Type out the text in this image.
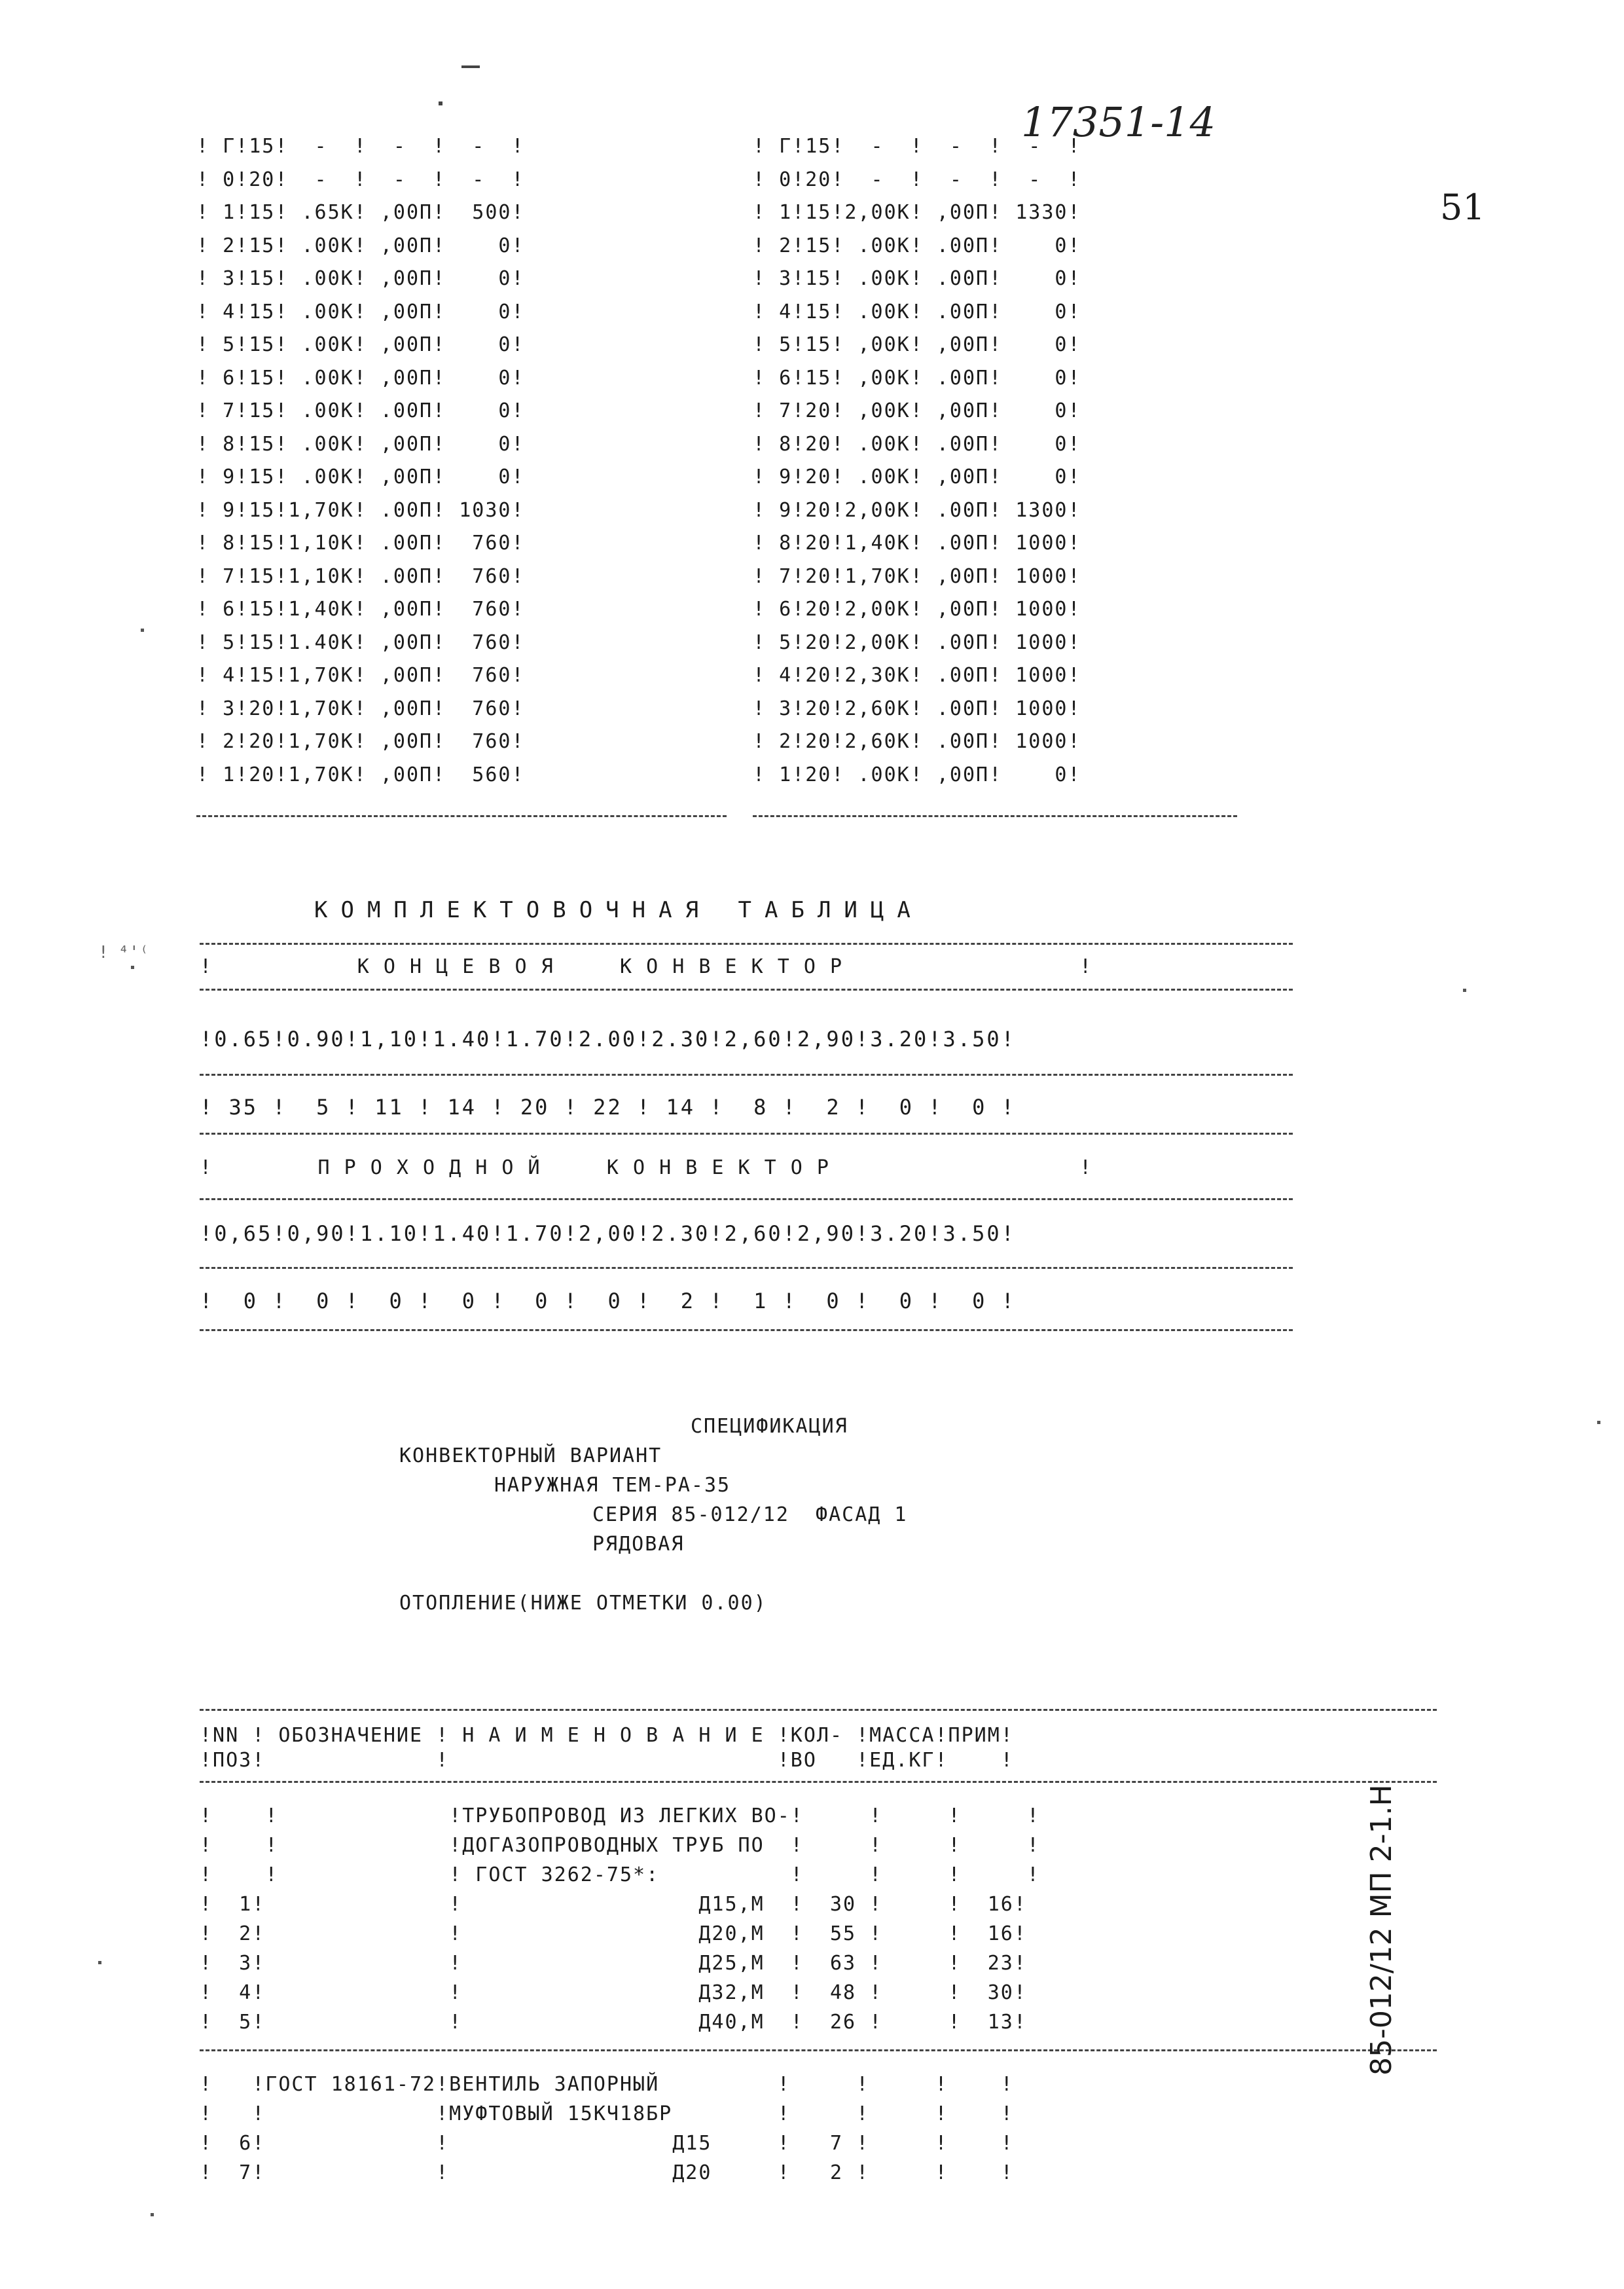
17351-14
51
! Г!15!  -  !  -  !  -  !
! 0!20!  -  !  -  !  -  !
! 1!15! .65К! ,00П!  500!
! 2!15! .00К! ,00П!    0!
! 3!15! .00К! ,00П!    0!
! 4!15! .00К! ,00П!    0!
! 5!15! .00К! ,00П!    0!
! 6!15! .00К! ,00П!    0!
! 7!15! .00К! .00П!    0!
! 8!15! .00К! ,00П!    0!
! 9!15! .00К! ,00П!    0!
! 9!15!1,70К! .00П! 1030!
! 8!15!1,10К! .00П!  760!
! 7!15!1,10К! .00П!  760!
! 6!15!1,40К! ,00П!  760!
! 5!15!1.40К! ,00П!  760!
! 4!15!1,70К! ,00П!  760!
! 3!20!1,70К! ,00П!  760!
! 2!20!1,70К! ,00П!  760!
! 1!20!1,70К! ,00П!  560!
! Г!15!  -  !  -  !  -  !
! 0!20!  -  !  -  !  -  !
! 1!15!2,00К! ,00П! 1330!
! 2!15! .00К! .00П!    0!
! 3!15! .00К! .00П!    0!
! 4!15! .00К! .00П!    0!
! 5!15! ,00К! ,00П!    0!
! 6!15! ,00К! .00П!    0!
! 7!20! ,00К! ,00П!    0!
! 8!20! .00К! .00П!    0!
! 9!20! .00К! ,00П!    0!
! 9!20!2,00К! .00П! 1300!
! 8!20!1,40К! .00П! 1000!
! 7!20!1,70К! ,00П! 1000!
! 6!20!2,00К! ,00П! 1000!
! 5!20!2,00К! .00П! 1000!
! 4!20!2,30К! .00П! 1000!
! 3!20!2,60К! .00П! 1000!
! 2!20!2,60К! .00П! 1000!
! 1!20! .00К! ,00П!    0!
КОМПЛЕКТОВОЧНАЯ ТАБЛИЦА
! ⁴'⁽
!           К О Н Ц Е В О Я     К О Н В Е К Т О Р                  !
!0.65!0.90!1,10!1.40!1.70!2.00!2.30!2,60!2,90!3.20!3.50!
! 35 !  5 ! 11 ! 14 ! 20 ! 22 ! 14 !  8 !  2 !  0 !  0 !
!        П Р О Х О Д Н О Й     К О Н В Е К Т О Р                   !
!0,65!0,90!1.10!1.40!1.70!2,00!2.30!2,60!2,90!3.20!3.50!
!  0 !  0 !  0 !  0 !  0 !  0 !  2 !  1 !  0 !  0 !  0 !
СПЕЦИФИКАЦИЯ
КОНВЕКТОРНЫЙ ВАРИАНТ
НАРУЖНАЯ ТЕМ-РА-35
СЕРИЯ 85-012/12  ФАСАД 1
РЯДОВАЯ
ОТОПЛЕНИЕ(НИЖЕ ОТМЕТКИ 0.00)
!NN ! ОБОЗНАЧЕНИЕ ! Н А И М Е Н О В А Н И Е !КОЛ- !МАССА!ПРИМ!
!ПОЗ!             !                         !ВО   !ЕД.КГ!    !
!    !             !ТРУБОПРОВОД ИЗ ЛЕГКИХ ВО-!     !     !     !
!    !             !ДОГАЗОПРОВОДНЫХ ТРУБ ПО  !     !     !     !
!    !             ! ГОСТ 3262-75*:          !     !     !     !
!  1!              !                  Д15,М  !  30 !     !  16!
!  2!              !                  Д20,М  !  55 !     !  16!
!  3!              !                  Д25,М  !  63 !     !  23!
!  4!              !                  Д32,М  !  48 !     !  30!
!  5!              !                  Д40,М  !  26 !     !  13!
!   !ГОСТ 18161-72!ВЕНТИЛЬ ЗАПОРНЫЙ         !     !     !    !
!   !             !МУФТОВЫЙ 15КЧ18БР        !     !     !    !
!  6!             !                 Д15     !   7 !     !    !
!  7!             !                 Д20     !   2 !     !    !
85-012/12 МП 2-1.Н
